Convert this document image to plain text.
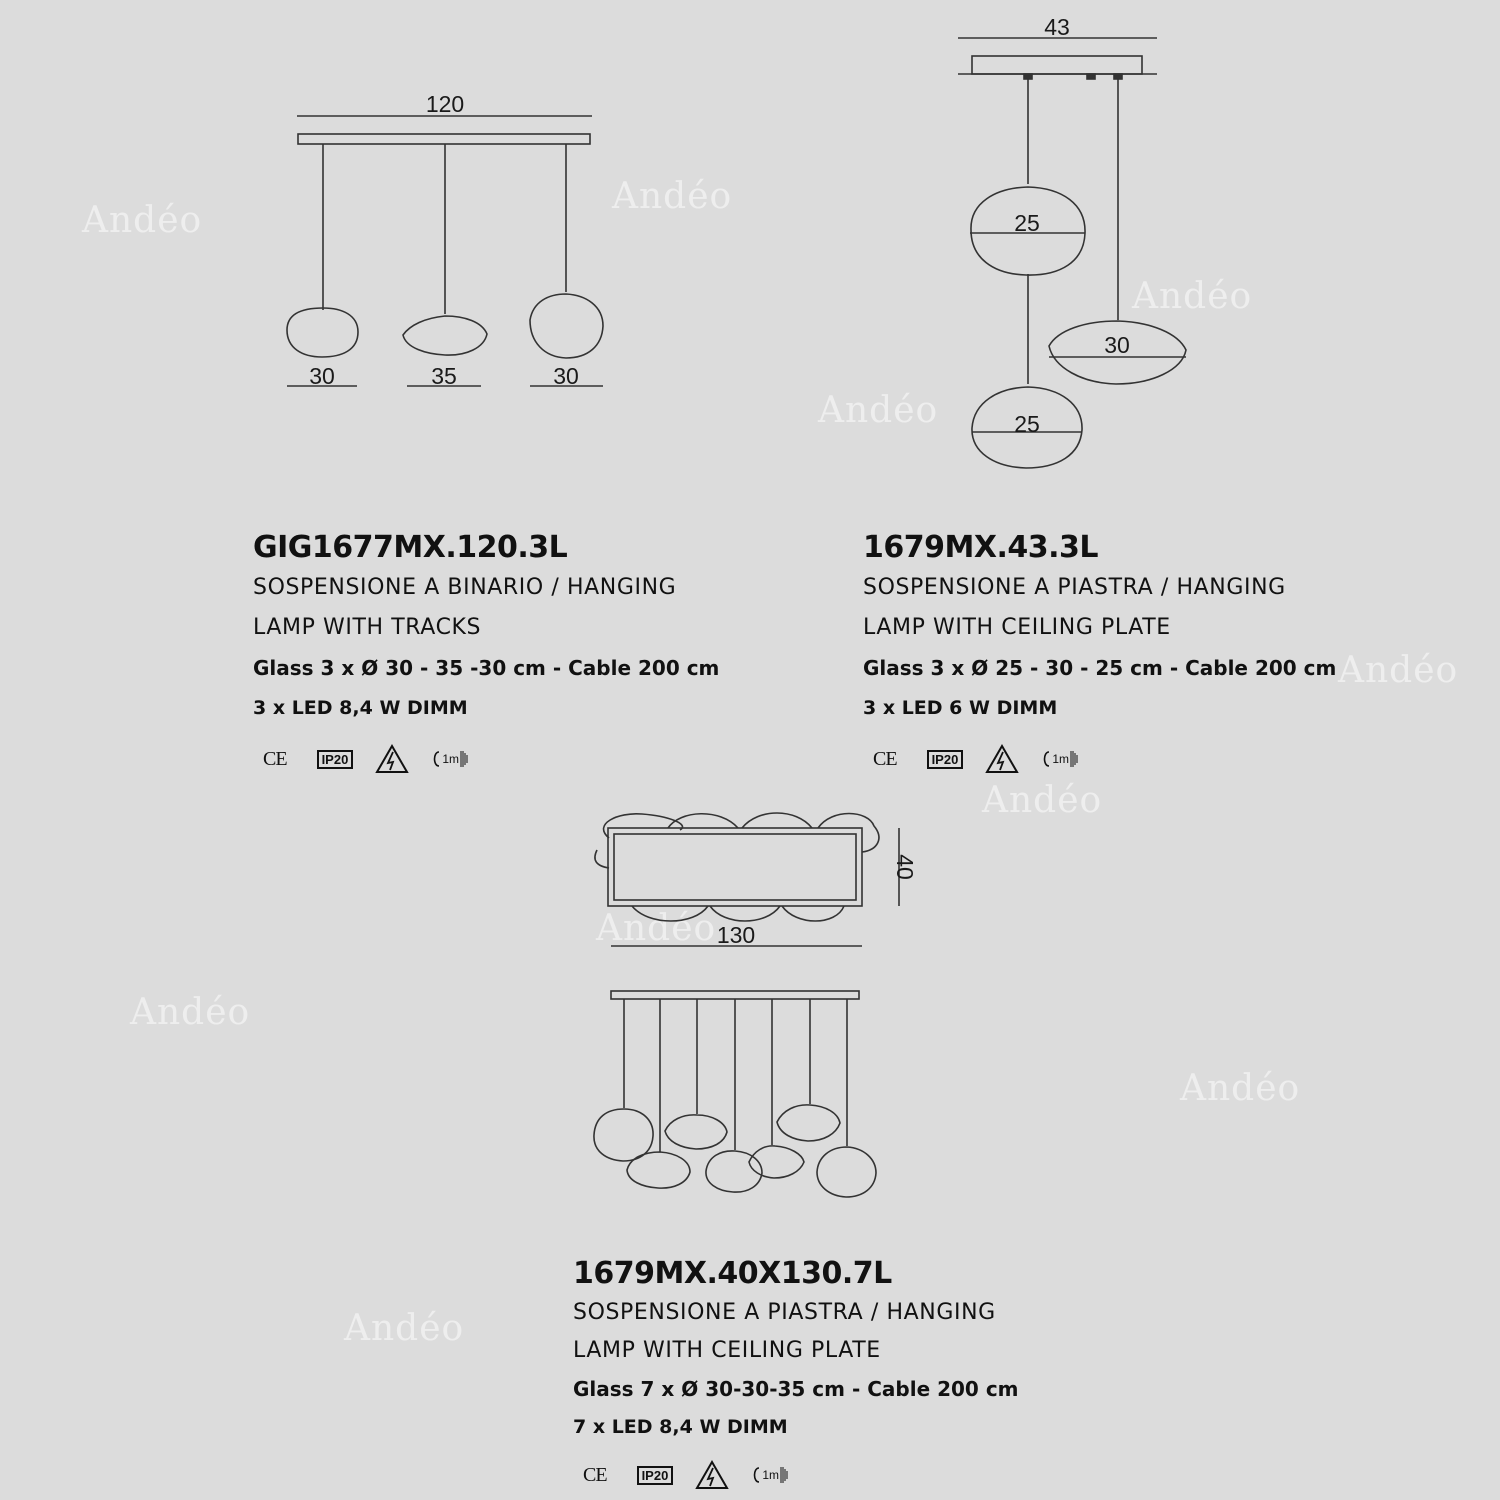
Andéo
Andéo
Andéo
Andéo
Andéo
Andéo
Andéo
Andéo
Andéo
Andéo
120
30	35	30
43
25
30
25
130
40
GIG1677MX.120.3L
SOSPENSIONE A BINARIO / HANGING
LAMP WITH TRACKS
Glass 3 x Ø 30 - 35 -30 cm - Cable 200 cm
3 x LED 8,4 W DIMM
CE	IP20	1m
1679MX.43.3L
SOSPENSIONE A PIASTRA / HANGING
LAMP WITH CEILING PLATE
Glass 3 x Ø 25 - 30 - 25 cm - Cable 200 cm
3 x LED 6 W DIMM
CE	IP20	1m
1679MX.40X130.7L
SOSPENSIONE A PIASTRA / HANGING
LAMP WITH CEILING PLATE
Glass 7 x Ø 30-30-35 cm - Cable 200 cm
7 x LED 8,4 W DIMM
CE	IP20	1m
